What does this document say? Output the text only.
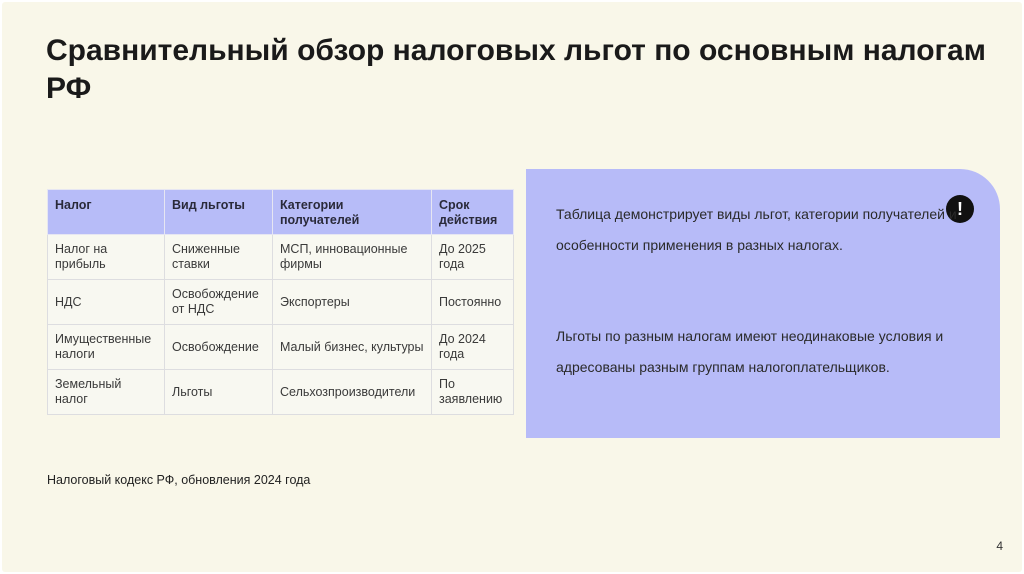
Сравнительный обзор налоговых льгот по основным налогам РФ
Налог	Вид льготы	Категории получателей	Срок действия
Налог на прибыль	Сниженные ставки	МСП, инновационные фирмы	До 2025 года
НДС	Освобождение от НДС	Экспортеры	Постоянно
Имущественные налоги	Освобождение	Малый бизнес, культуры	До 2024 года
Земельный налог	Льготы	Сельхозпроизводители	По заявлению
Налоговый кодекс РФ, обновления 2024 года
4
!

Таблица демонстрирует виды льгот, категории получателей и особенности применения в разных налогах.

Льготы по разным налогам имеют неодинаковые условия и адресованы разным группам налогоплательщиков.
